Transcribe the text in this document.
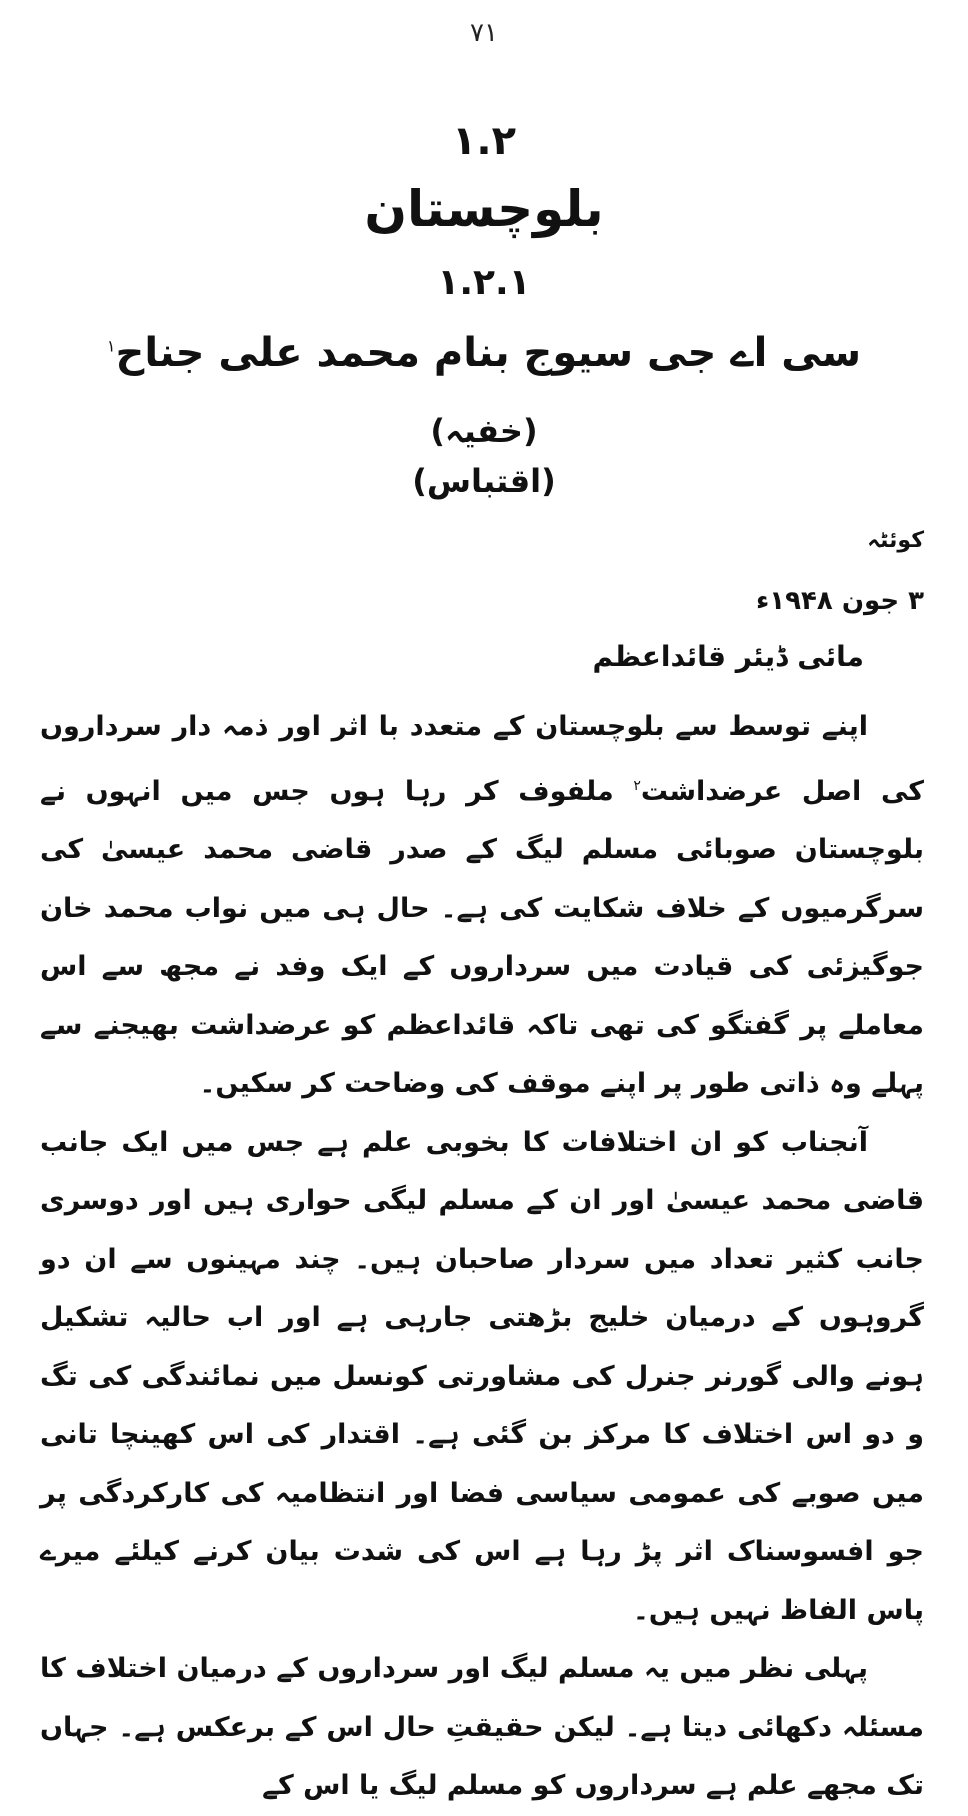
۷۱
۱.۲
بلوچستان
۱.۲.۱
سی اے جی سیوج بنام محمد علی جناح$^۱$
(خفیہ)
(اقتباس)
کوئٹہ
۳ جون ۱۹۴۸ء
مائی ڈیئر قائداعظم

اپنے توسط سے بلوچستان کے متعدد با اثر اور ذمہ دار سرداروں کی اصل عرضداشت$^۲$ ملفوف کر رہا ہوں جس میں انہوں نے بلوچستان صوبائی مسلم لیگ کے صدر قاضی محمد عیسیٰ کی سرگرمیوں کے خلاف شکایت کی ہے۔ حال ہی میں نواب محمد خان جوگیزئی کی قیادت میں سرداروں کے ایک وفد نے مجھ سے اس معاملے پر گفتگو کی تھی تاکہ قائداعظم کو عرضداشت بھیجنے سے پہلے وہ ذاتی طور پر اپنے موقف کی وضاحت کر سکیں۔

آنجناب کو ان اختلافات کا بخوبی علم ہے جس میں ایک جانب قاضی محمد عیسیٰ اور ان کے مسلم لیگی حواری ہیں اور دوسری جانب کثیر تعداد میں سردار صاحبان ہیں۔ چند مہینوں سے ان دو گروہوں کے درمیان خلیج بڑھتی جارہی ہے اور اب حالیہ تشکیل ہونے والی گورنر جنرل کی مشاورتی کونسل میں نمائندگی کی تگ و دو اس اختلاف کا مرکز بن گئی ہے۔ اقتدار کی اس کھینچا تانی میں صوبے کی عمومی سیاسی فضا اور انتظامیہ کی کارکردگی پر جو افسوسناک اثر پڑ رہا ہے اس کی شدت بیان کرنے کیلئے میرے پاس الفاظ نہیں ہیں۔

پہلی نظر میں یہ مسلم لیگ اور سرداروں کے درمیان اختلاف کا مسئلہ دکھائی دیتا ہے۔ لیکن حقیقتِ حال اس کے برعکس ہے۔ جہاں تک مجھے علم ہے سرداروں کو مسلم لیگ یا اس کے
